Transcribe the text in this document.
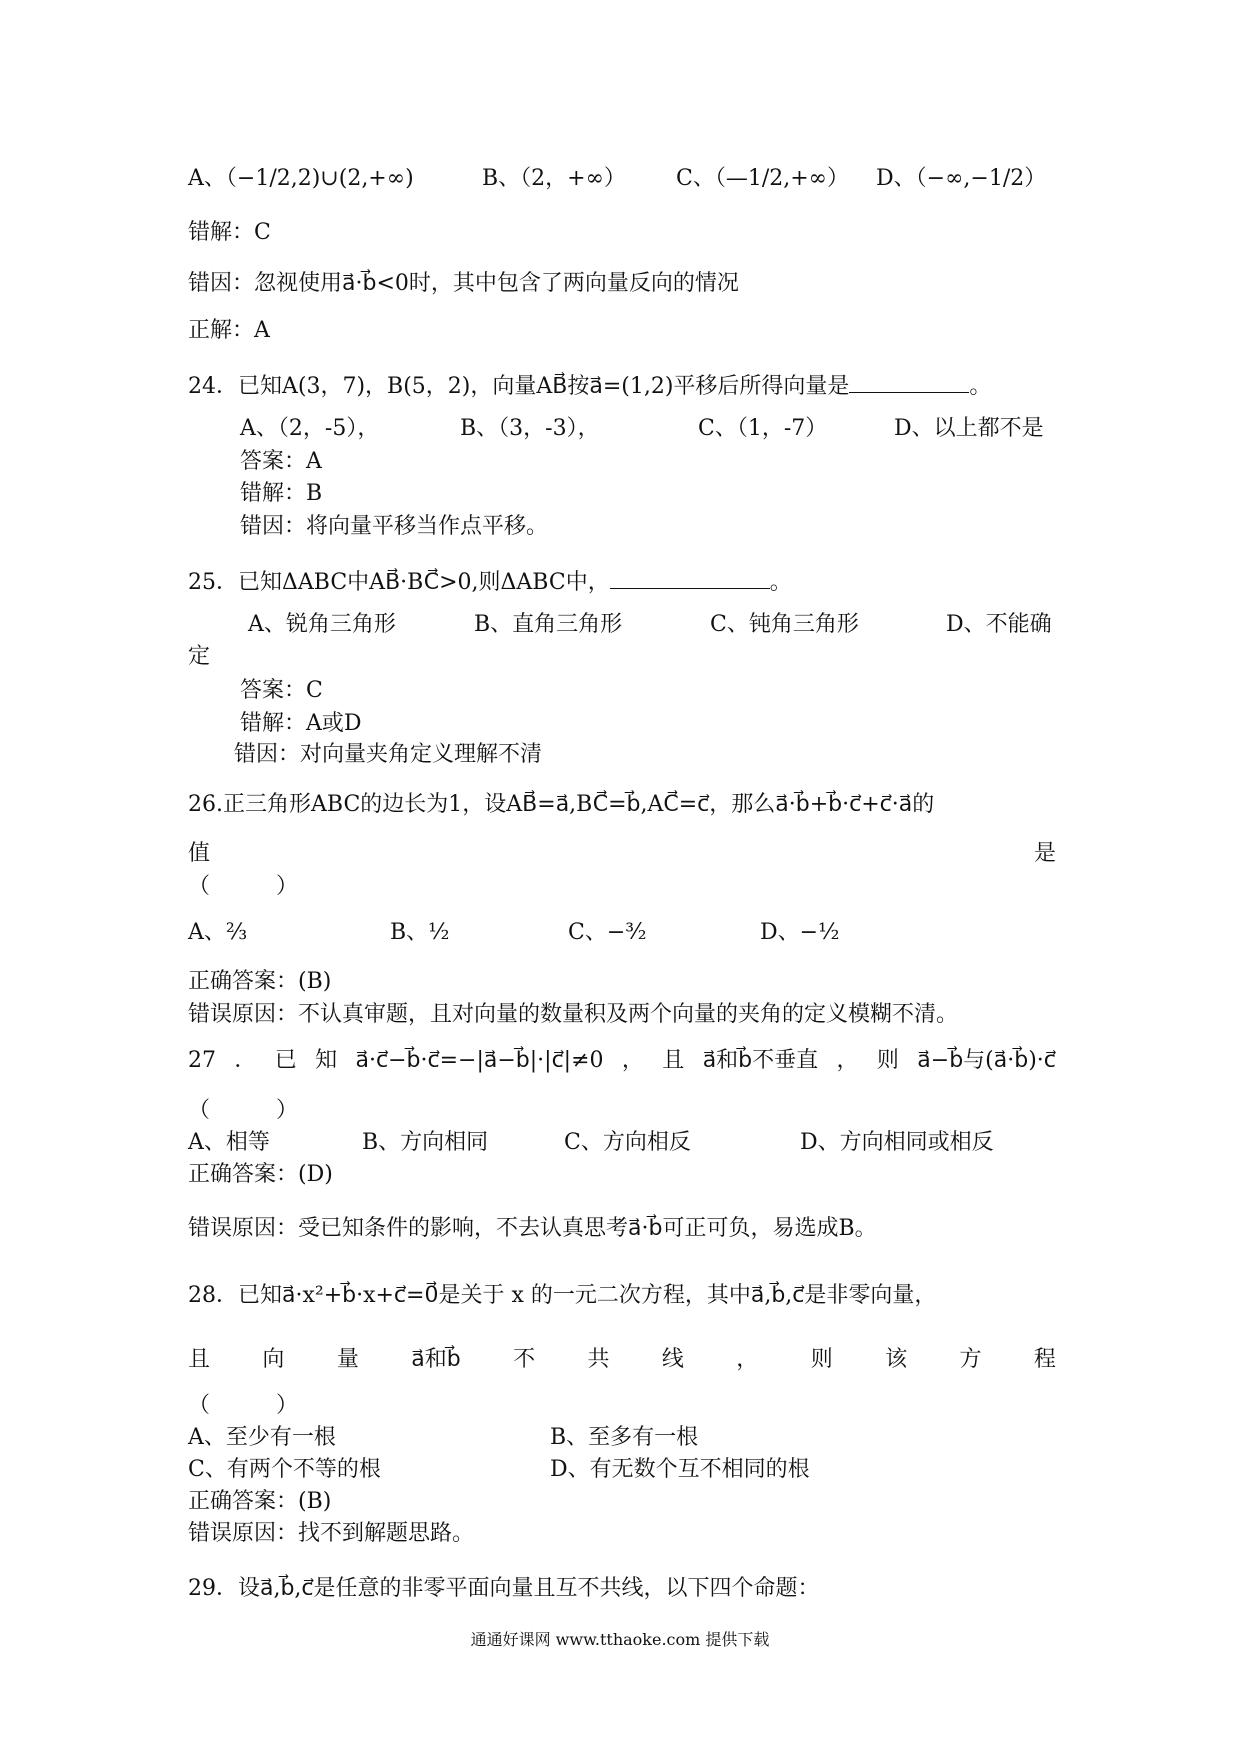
A、（−1/2,2)∪(2,+∞)	B、（2，+∞） C、（—1/2,+∞） D、（−∞,−1/2）
错解：C
错因：忽视使用a⃗·b⃗<0时，其中包含了两向量反向的情况
正解：A
24．已知A(3，7)，B(5，2)，向量AB⃗按a⃗=(1,2)平移后所得向量是	。
A、（2，-5），	B、（3，-3），	C、（1，-7）	D、以上都不是
答案：A
错解：B
错因：将向量平移当作点平移。
25．已知ΔABC中AB⃗·BC⃗>0,则ΔABC中，	。
A、锐角三角形	B、直角三角形	C、钝角三角形	D、不能确
定
答案：C
错解：A或D
错因：对向量夹角定义理解不清
26.正三角形ABC的边长为1，设AB⃗=a⃗,BC⃗=b⃗,AC⃗=c⃗，那么a⃗·b⃗+b⃗·c⃗+c⃗·a⃗的
值	是
（　　　）
A、⅔	B、½	C、−³⁄₂	D、−½
正确答案：(B)
错误原因：不认真审题，且对向量的数量积及两个向量的夹角的定义模糊不清。
27 ． 已 知 a⃗·c⃗−b⃗·c⃗=−|a⃗−b⃗|·|c⃗|≠0 ， 且 a⃗和b⃗不垂直 ， 则 a⃗−b⃗与(a⃗·b⃗)·c⃗
（　　　）
A、相等	B、方向相同	C、方向相反	D、方向相同或相反
正确答案：(D)
错误原因：受已知条件的影响，不去认真思考a⃗·b⃗可正可负，易选成B。
28．已知a⃗·x²+b⃗·x+c⃗=0⃗是关于 x 的一元二次方程，其中a⃗,b⃗,c⃗是非零向量，
且 向 量 a⃗和b⃗ 不 共 线 ， 则 该 方 程
（　　　）
A、至少有一根	B、至多有一根
C、有两个不等的根	D、有无数个互不相同的根
正确答案：(B)
错误原因：找不到解题思路。
29．设a⃗,b⃗,c⃗是任意的非零平面向量且互不共线，以下四个命题：
通通好课网 www.tthaoke.com 提供下载
